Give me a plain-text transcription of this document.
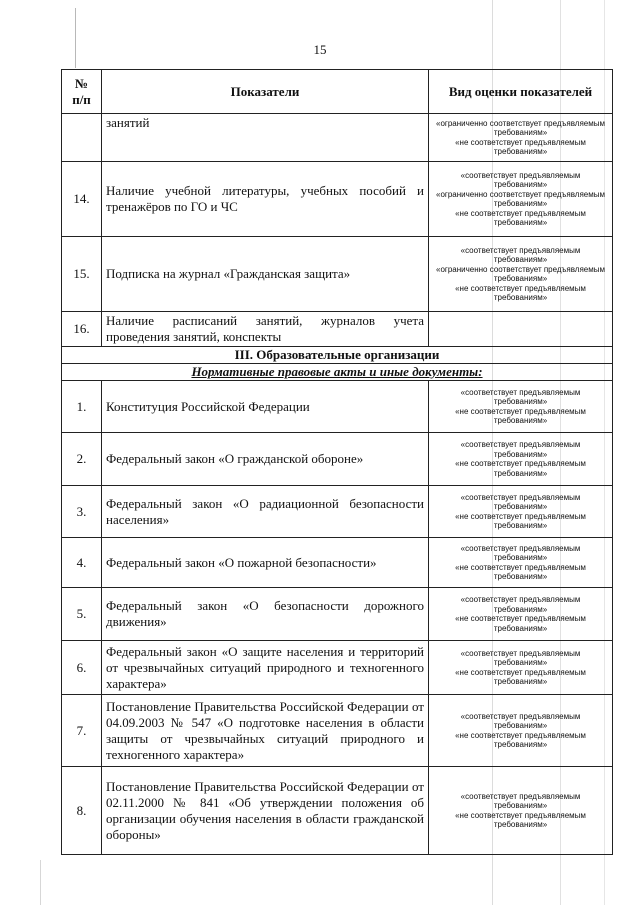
15
№
п/п	Показатели	Вид оценки показателей
	занятий	«ограниченно соответствует предъявляемым требованиям»
«не соответствует предъявляемым требованиям»

14.	Наличие учебной литературы, учебных пособий и тренажёров по ГО и ЧС	«соответствует предъявляемым требованиям»
«ограниченно соответствует предъявляемым требованиям»
«не соответствует предъявляемым требованиям»

15.	Подписка на журнал «Гражданская защита»	«соответствует предъявляемым требованиям»
«ограниченно соответствует предъявляемым требованиям»
«не соответствует предъявляемым требованиям»

16.	Наличие расписаний занятий, журналов учета проведения занятий, конспекты	
III. Образовательные организации		
Нормативные правовые акты и иные документы:		
1.	Конституция Российской Федерации	«соответствует предъявляемым требованиям»
«не соответствует предъявляемым требованиям»

2.	Федеральный закон «О гражданской обороне»	«соответствует предъявляемым требованиям»
«не соответствует предъявляемым требованиям»

3.	Федеральный закон «О радиационной безопасности населения»	«соответствует предъявляемым требованиям»
«не соответствует предъявляемым требованиям»

4.	Федеральный закон «О пожарной безопасности»	«соответствует предъявляемым требованиям»
«не соответствует предъявляемым требованиям»

5.	Федеральный закон «О безопасности дорожного движения»	«соответствует предъявляемым требованиям»
«не соответствует предъявляемым требованиям»

6.	Федеральный закон «О защите населения и территорий от чрезвычайных ситуаций природного и техногенного характера»	«соответствует предъявляемым требованиям»
«не соответствует предъявляемым требованиям»

7.	Постановление Правительства Российской Федерации от 04.09.2003 № 547 «О подготовке населения в области защиты от чрезвычайных ситуаций природного и техногенного характера»	«соответствует предъявляемым требованиям»
«не соответствует предъявляемым требованиям»

8.	Постановление Правительства Российской Федерации от 02.11.2000 № 841 «Об утверждении положения об организации обучения населения в области гражданской обороны»	«соответствует предъявляемым требованиям»
«не соответствует предъявляемым требованиям»
